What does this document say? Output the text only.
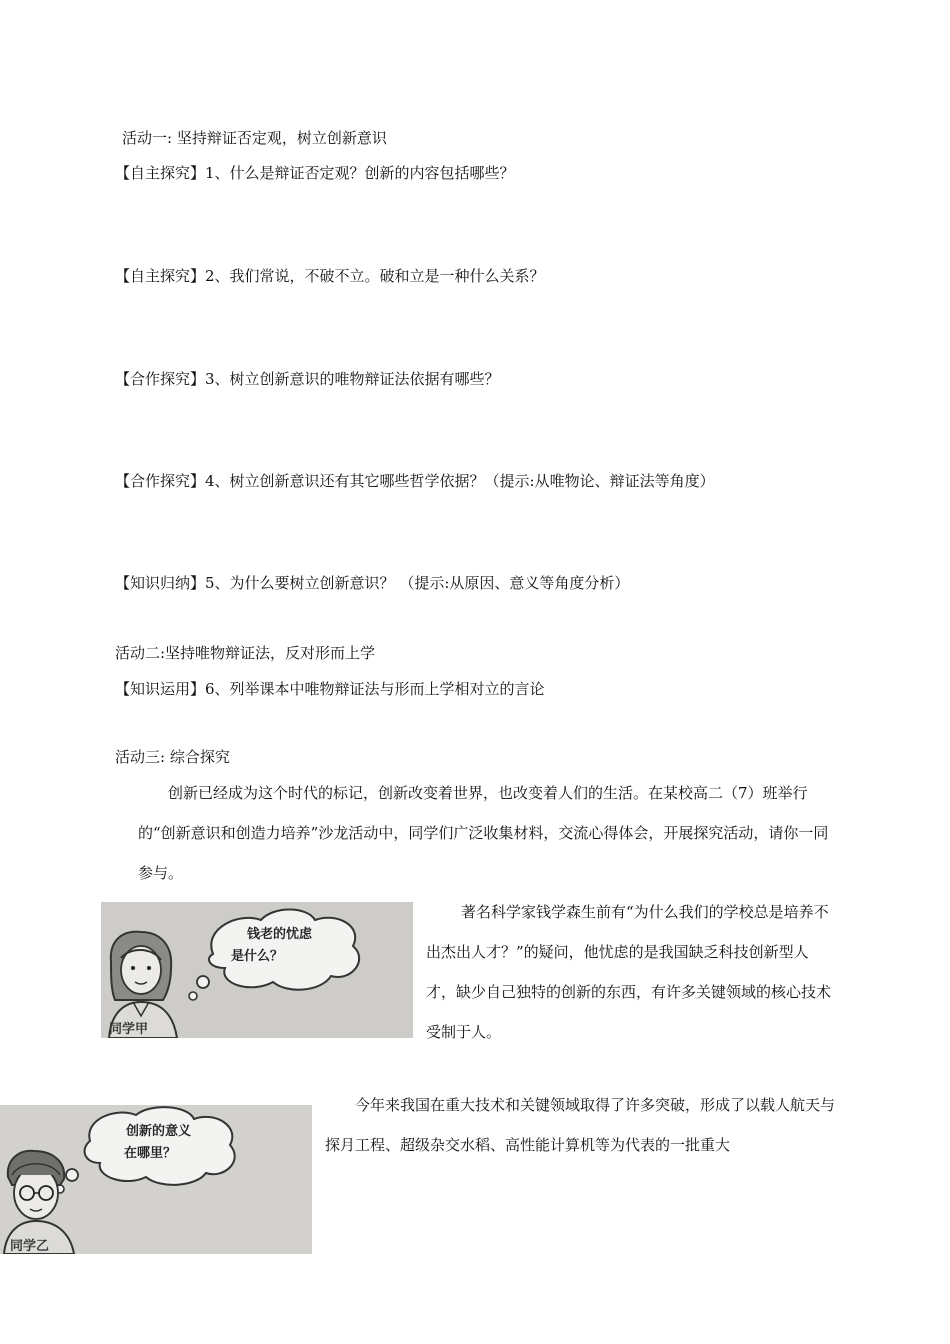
活动一: 坚持辩证否定观，树立创新意识
【自主探究】1、什么是辩证否定观？创新的内容包括哪些？
【自主探究】2、我们常说，不破不立。破和立是一种什么关系？
【合作探究】3、树立创新意识的唯物辩证法依据有哪些？
【合作探究】4、树立创新意识还有其它哪些哲学依据？（提示:从唯物论、辩证法等角度）
【知识归纳】5、为什么要树立创新意识？ （提示:从原因、意义等角度分析）
活动二:坚持唯物辩证法，反对形而上学
【知识运用】6、列举课本中唯物辩证法与形而上学相对立的言论
活动三: 综合探究
创新已经成为这个时代的标记，创新改变着世界，也改变着人们的生活。在某校高二（7）班举行的“创新意识和创造力培养”沙龙活动中，同学们广泛收集材料，交流心得体会，开展探究活动，请你一同参与。
钱老的忧虑
是什么？
同学甲
著名科学家钱学森生前有“为什么我们的学校总是培养不出杰出人才？”的疑问，他忧虑的是我国缺乏科技创新型人才，缺少自己独特的创新的东西，有许多关键领域的核心技术受制于人。
创新的意义
在哪里？
同学乙
今年来我国在重大技术和关键领域取得了许多突破，形成了以载人航天与探月工程、超级杂交水稻、高性能计算机等为代表的一批重大
